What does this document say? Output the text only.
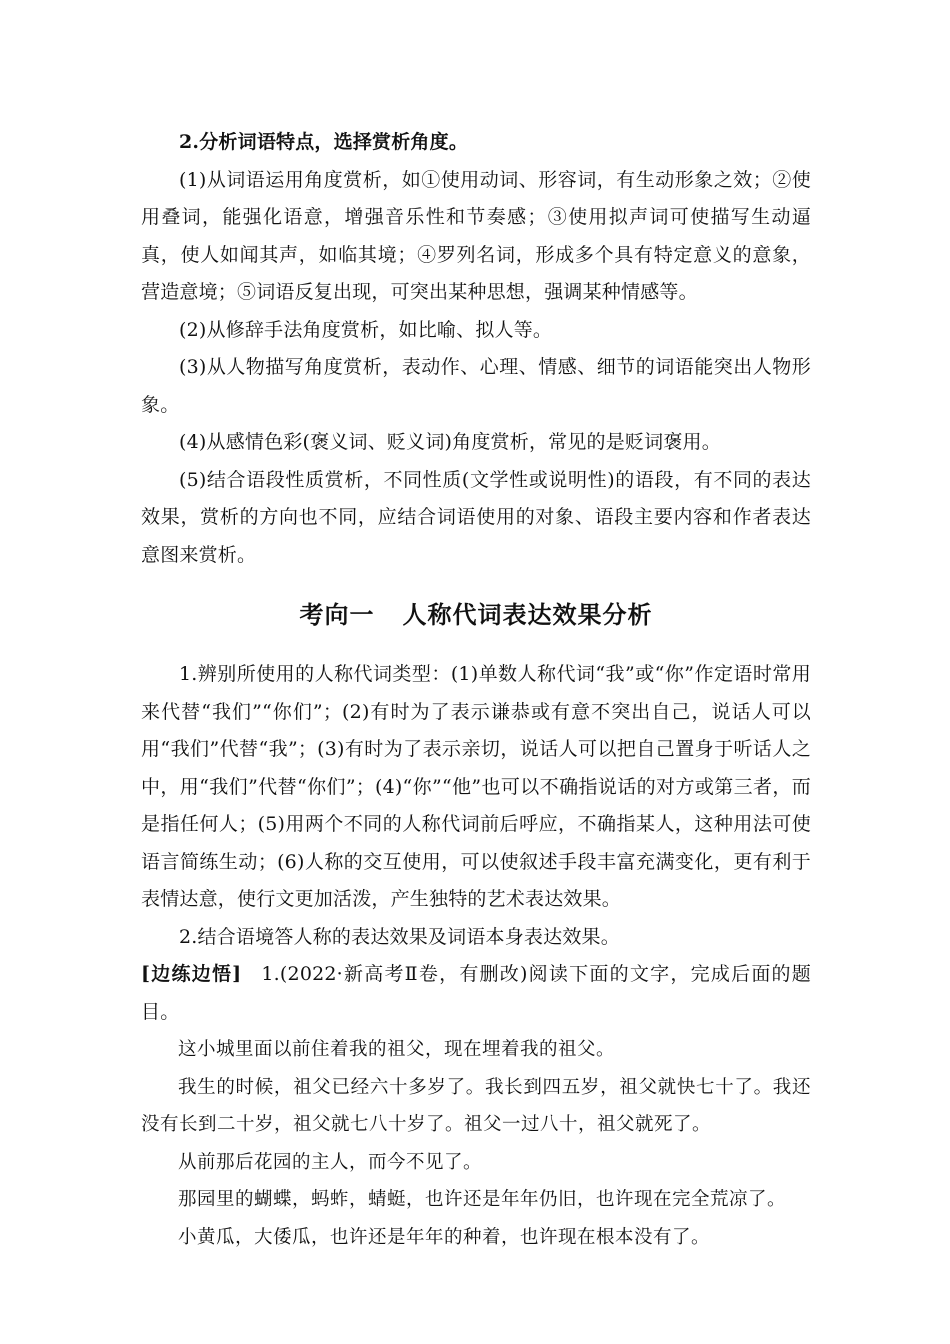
2.分析词语特点，选择赏析角度。

(1)从词语运用角度赏析，如①使用动词、形容词，有生动形象之效；②使用叠词，能强化语意，增强音乐性和节奏感；③使用拟声词可使描写生动逼真，使人如闻其声，如临其境；④罗列名词，形成多个具有特定意义的意象，营造意境；⑤词语反复出现，可突出某种思想，强调某种情感等。

(2)从修辞手法角度赏析，如比喻、拟人等。

(3)从人物描写角度赏析，表动作、心理、情感、细节的词语能突出人物形象。

(4)从感情色彩(褒义词、贬义词)角度赏析，常见的是贬词褒用。

(5)结合语段性质赏析，不同性质(文学性或说明性)的语段，有不同的表达效果，赏析的方向也不同，应结合词语使用的对象、语段主要内容和作者表达意图来赏析。

考向一 人称代词表达效果分析

1.辨别所使用的人称代词类型：(1)单数人称代词“我”或“你”作定语时常用来代替“我们”“你们”；(2)有时为了表示谦恭或有意不突出自己，说话人可以用“我们”代替“我”；(3)有时为了表示亲切，说话人可以把自己置身于听话人之中，用“我们”代替“你们”；(4)“你”“他”也可以不确指说话的对方或第三者，而是指任何人；(5)用两个不同的人称代词前后呼应，不确指某人，这种用法可使语言简练生动；(6)人称的交互使用，可以使叙述手段丰富充满变化，更有利于表情达意，使行文更加活泼，产生独特的艺术表达效果。

2.结合语境答人称的表达效果及词语本身表达效果。

[边练边悟] 1.(2022·新高考Ⅱ卷，有删改)阅读下面的文字，完成后面的题目。

这小城里面以前住着我的祖父，现在埋着我的祖父。

我生的时候，祖父已经六十多岁了。我长到四五岁，祖父就快七十了。我还没有长到二十岁，祖父就七八十岁了。祖父一过八十，祖父就死了。

从前那后花园的主人，而今不见了。

那园里的蝴蝶，蚂蚱，蜻蜓，也许还是年年仍旧，也许现在完全荒凉了。

小黄瓜，大倭瓜，也许还是年年的种着，也许现在根本没有了。
